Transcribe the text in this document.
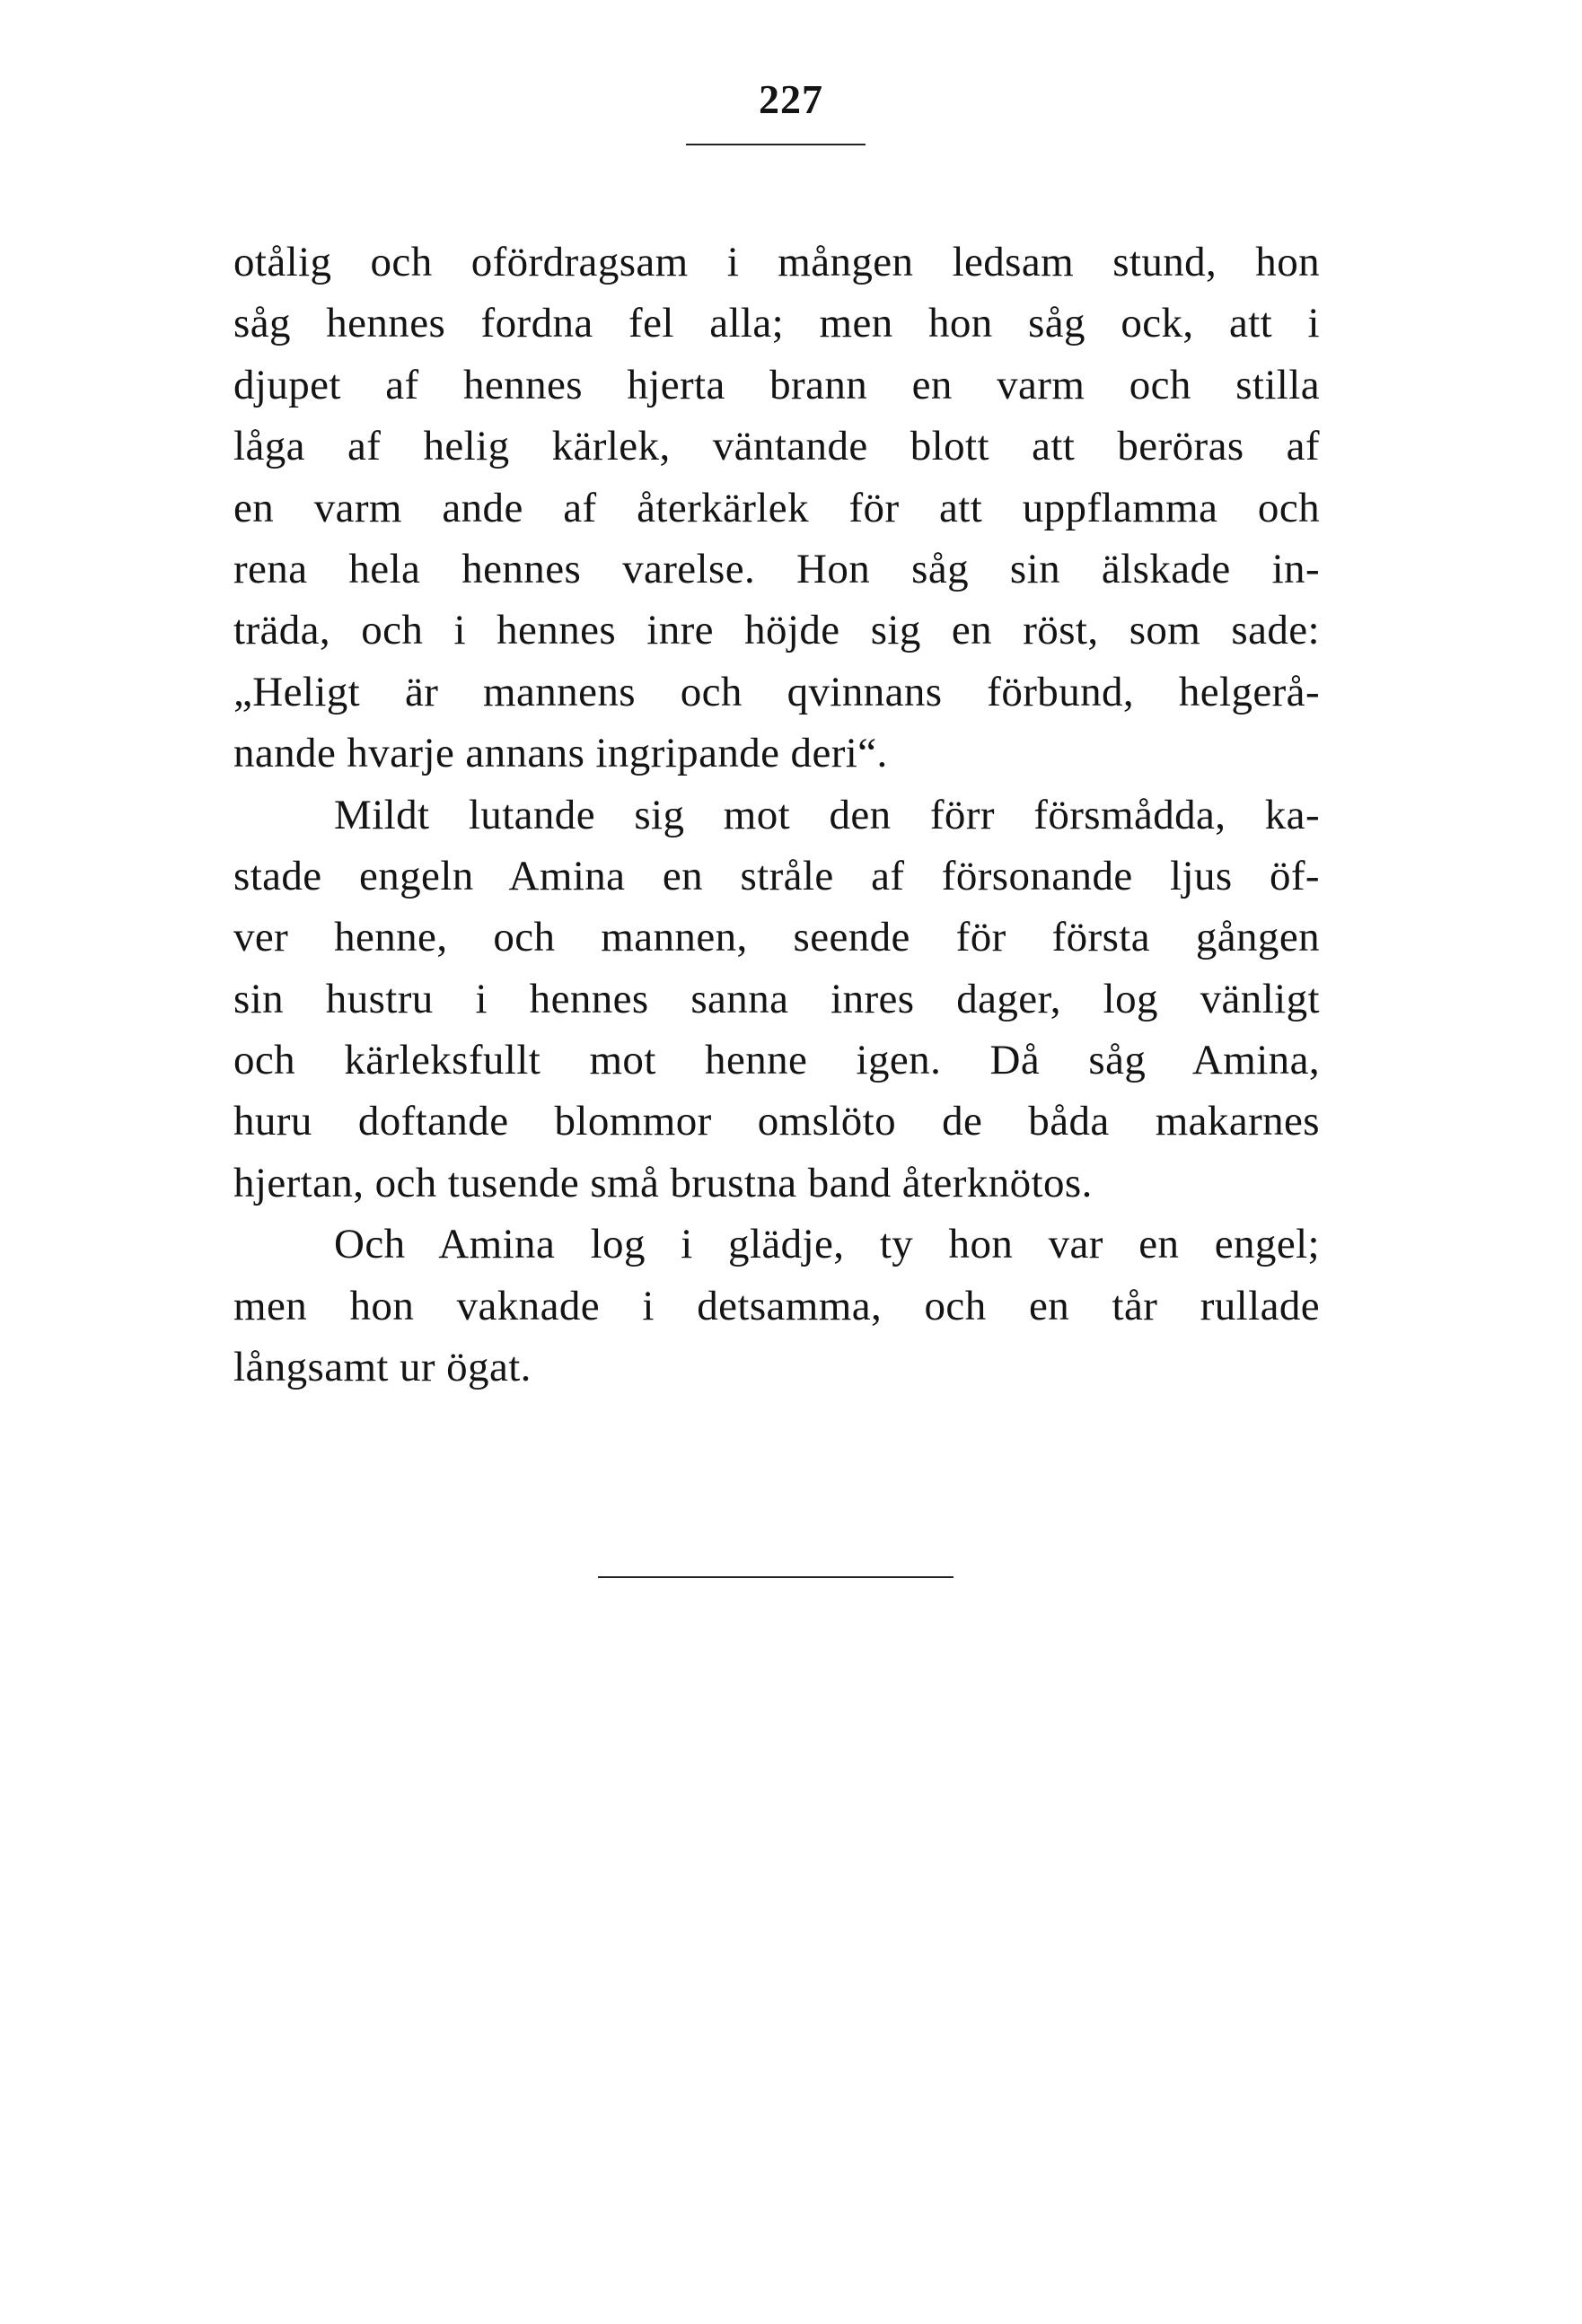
227
otålig och ofördragsam i mången ledsam stund, hon
såg hennes fordna fel alla; men hon såg ock, att i
djupet af hennes hjerta brann en varm och stilla
låga af helig kärlek, väntande blott att beröras af
en varm ande af återkärlek för att uppflamma och
rena hela hennes varelse. Hon såg sin älskade in-
träda, och i hennes inre höjde sig en röst, som sade:
„Heligt är mannens och qvinnans förbund, helgerå-
nande hvarje annans ingripande deri“.
Mildt lutande sig mot den förr försmådda, ka-
stade engeln Amina en stråle af försonande ljus öf-
ver henne, och mannen, seende för första gången
sin hustru i hennes sanna inres dager, log vänligt
och kärleksfullt mot henne igen. Då såg Amina,
huru doftande blommor omslöto de båda makarnes
hjertan, och tusende små brustna band återknötos.
Och Amina log i glädje, ty hon var en engel;
men hon vaknade i detsamma, och en tår rullade
långsamt ur ögat.
